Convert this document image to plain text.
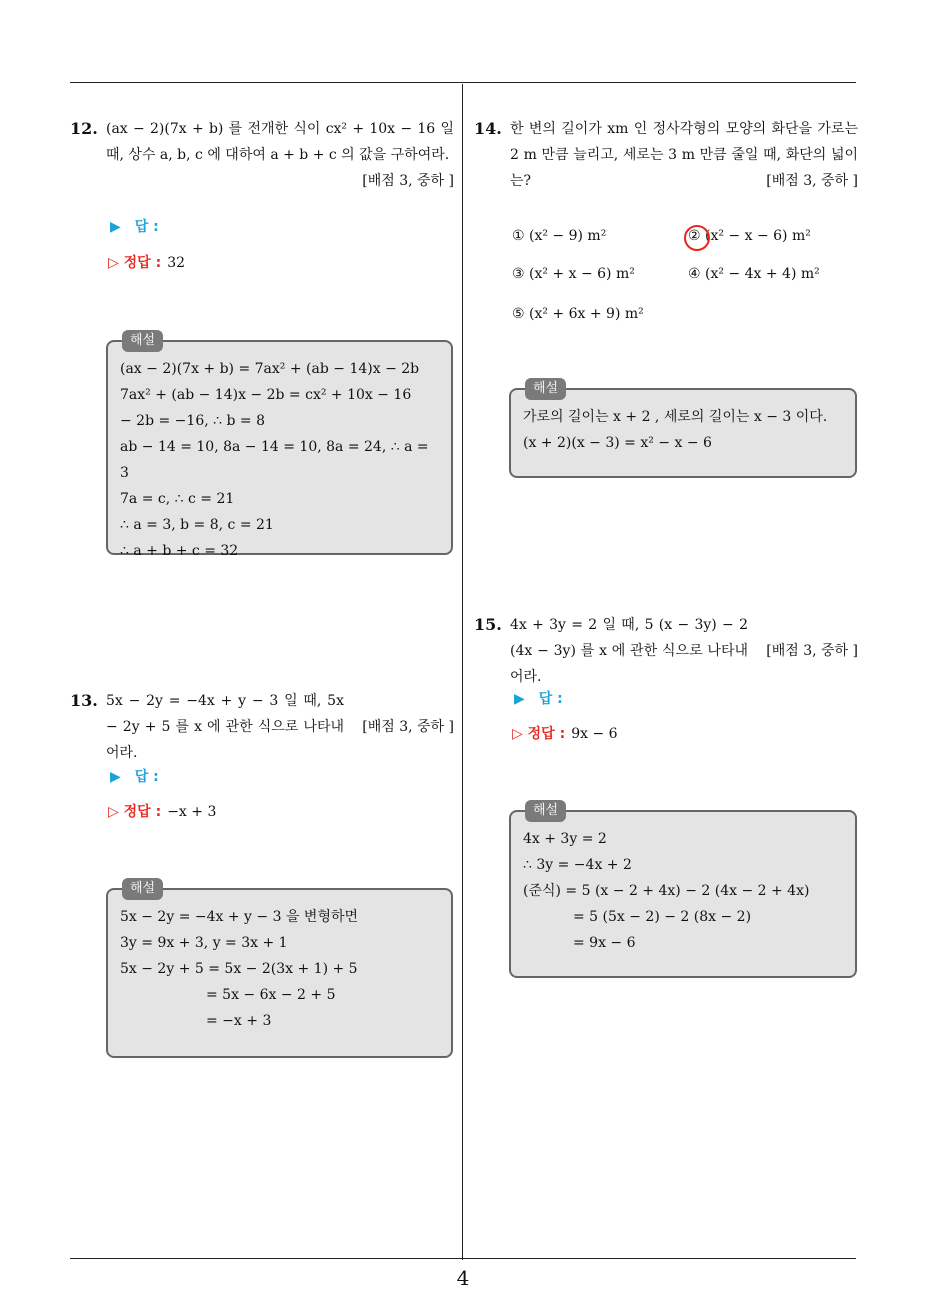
4
12. (ax − 2)(7x + b) 를 전개한 식이 cx² + 10x − 16 일 때, 상수 a, b, c 에 대하여 a + b + c 의 값을 구하여라.
[배점 3, 중하 ]
▶ 답 :
▷ 정답 : 32
해설
(ax − 2)(7x + b) = 7ax² + (ab − 14)x − 2b
7ax² + (ab − 14)x − 2b = cx² + 10x − 16
− 2b = −16, ∴ b = 8
ab − 14 = 10, 8a − 14 = 10, 8a = 24, ∴ a = 3
7a = c, ∴ c = 21
∴ a = 3, b = 8, c = 21
∴ a + b + c = 32
13. 5x − 2y = −4x + y − 3 일 때, 5x − 2y + 5 를 x 에 관한 식으로 나타내어라.
[배점 3, 중하 ]
▶ 답 :
▷ 정답 : −x + 3
해설
5x − 2y = −4x + y − 3 을 변형하면
3y = 9x + 3, y = 3x + 1
5x − 2y + 5 = 5x − 2(3x + 1) + 5
= 5x − 6x − 2 + 5
= −x + 3
14. 한 변의 길이가 xm 인 정사각형의 모양의 화단을 가로는 2 m 만큼 늘리고, 세로는 3 m 만큼 줄일 때, 화단의 넓이는?	[배점 3, 중하 ]
① (x² − 9) m²	② (x² − x − 6) m²
③ (x² + x − 6) m²	④ (x² − 4x + 4) m²
⑤ (x² + 6x + 9) m²
해설
가로의 길이는 x + 2 , 세로의 길이는 x − 3 이다.
(x + 2)(x − 3) = x² − x − 6
15. 4x + 3y = 2 일 때, 5 (x − 3y) − 2 (4x − 3y) 를 x 에 관한 식으로 나타내어라.
[배점 3, 중하 ]
▶ 답 :
▷ 정답 : 9x − 6
해설
4x + 3y = 2
∴ 3y = −4x + 2
(준식) = 5 (x − 2 + 4x) − 2 (4x − 2 + 4x)
= 5 (5x − 2) − 2 (8x − 2)
= 9x − 6
